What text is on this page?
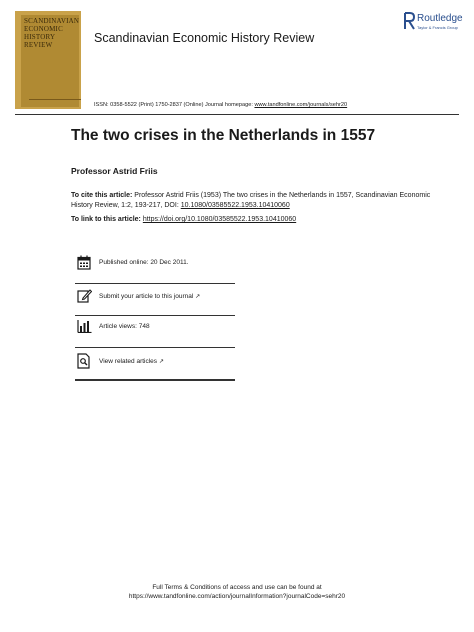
SCANDINAVIAN
ECONOMIC
HISTORY REVIEW	Scandinavian Economic History Review
Routledge
Taylor & Francis Group
ISSN: 0358-5522 (Print) 1750-2837 (Online) Journal homepage: www.tandfonline.com/journals/sehr20
The two crises in the Netherlands in 1557
Professor Astrid Friis
To cite this article: Professor Astrid Friis (1953) The two crises in the Netherlands in 1557, Scandinavian Economic History Review, 1:2, 193-217, DOI: 10.1080/03585522.1953.10410060
To link to this article: https://doi.org/10.1080/03585522.1953.10410060
Published online: 20 Dec 2011.
Submit your article to this journal ↗
Article views: 748
View related articles ↗
Full Terms & Conditions of access and use can be found at
https://www.tandfonline.com/action/journalInformation?journalCode=sehr20
